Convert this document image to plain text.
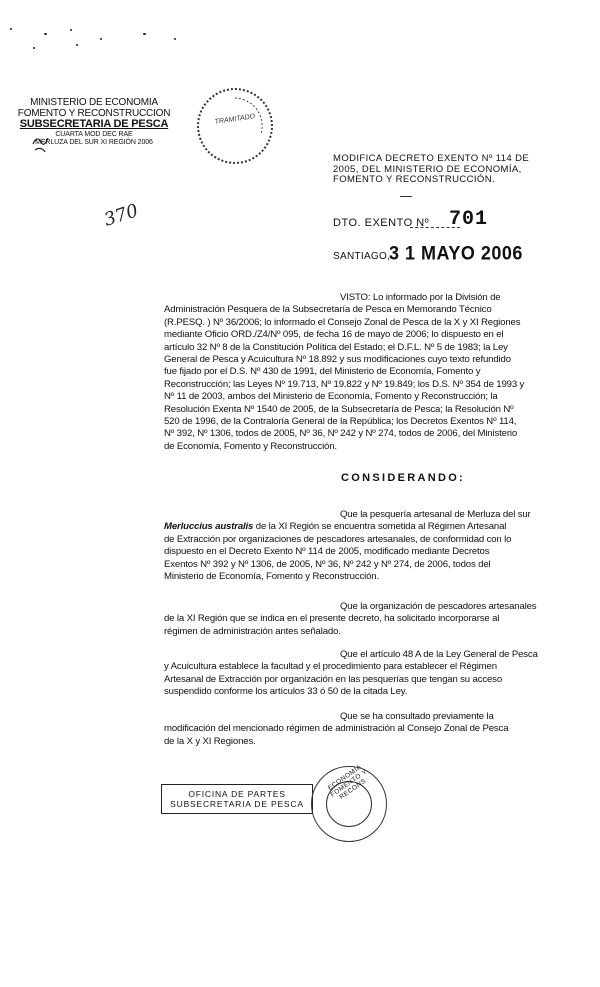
MINISTERIO DE ECONOMIA
FOMENTO Y RECONSTRUCCION
SUBSECRETARIA DE PESCA
CUARTA MOD DEC RAE
MERLUZA DEL SUR XI REGIÓN 2006
TRAMITADO
MODIFICA DECRETO EXENTO Nº 114 DE
2005, DEL MINISTERIO DE ECONOMÍA,
FOMENTO Y RECONSTRUCCIÓN.
370	DTO. EXENTO Nº 701
SANTIAGO,
3 1 MAYO 2006
VISTO: Lo informado por la División de
Administración Pesquera de la Subsecretaría de Pesca en Memorando Técnico
(R.PESQ. ) Nº 36/2006; lo informado el Consejo Zonal de Pesca de la X y XI Regiones
mediante Oficio ORD./Z4/Nº 095, de fecha 16 de mayo de 2006; lo dispuesto en el
artículo 32 Nº 8 de la Constitución Política del Estado; el D.F.L. Nº 5 de 1983; la Ley
General de Pesca y Acuicultura Nº 18.892 y sus modificaciones cuyo texto refundido
fue fijado por el D.S. Nº 430 de 1991, del Ministerio de Economía, Fomento y
Reconstrucción; las Leyes Nº 19.713, Nº 19.822 y Nº 19.849; los D.S. Nº 354 de 1993 y
Nº 11 de 2003, ambos del Ministerio de Economía, Fomento y Reconstrucción; la
Resolución Exenta Nº 1540 de 2005, de la Subsecretaría de Pesca; la Resolución Nº
520 de 1996, de la Contraloría General de la República; los Decretos Exentos Nº 114,
Nº 392, Nº 1306, todos de 2005, Nº 36, Nº 242 y Nº 274, todos de 2006, del Ministerio
de Economía, Fomento y Reconstrucción.
CONSIDERANDO:
Que la pesquería artesanal de Merluza del sur
Merluccius australis de la XI Región se encuentra sometida al Régimen Artesanal
de Extracción por organizaciones de pescadores artesanales, de conformidad con lo
dispuesto en el Decreto Exento Nº 114 de 2005, modificado mediante Decretos
Exentos Nº 392 y Nº 1306, de 2005, Nº 36, Nº 242 y Nº 274, de 2006, todos del
Ministerio de Economía, Fomento y Reconstrucción.
Que la organización de pescadores artesanales
de la XI Región que se indica en el presente decreto, ha solicitado incorporarse al
régimen de administración antes señalado.
Que el artículo 48 A de la Ley General de Pesca
y Acuicultura establece la facultad y el procedimiento para establecer el Régimen
Artesanal de Extracción por organización en las pesquerías que tengan su acceso
suspendido conforme los artículos 33 ó 50 de la citada Ley.
Que se ha consultado previamente la
modificación del mencionado régimen de administración al Consejo Zonal de Pesca
de la X y XI Regiones.
OFICINA DE PARTES
SUBSECRETARIA DE PESCA
ECONOMIA FOMENTO Y RECONS
